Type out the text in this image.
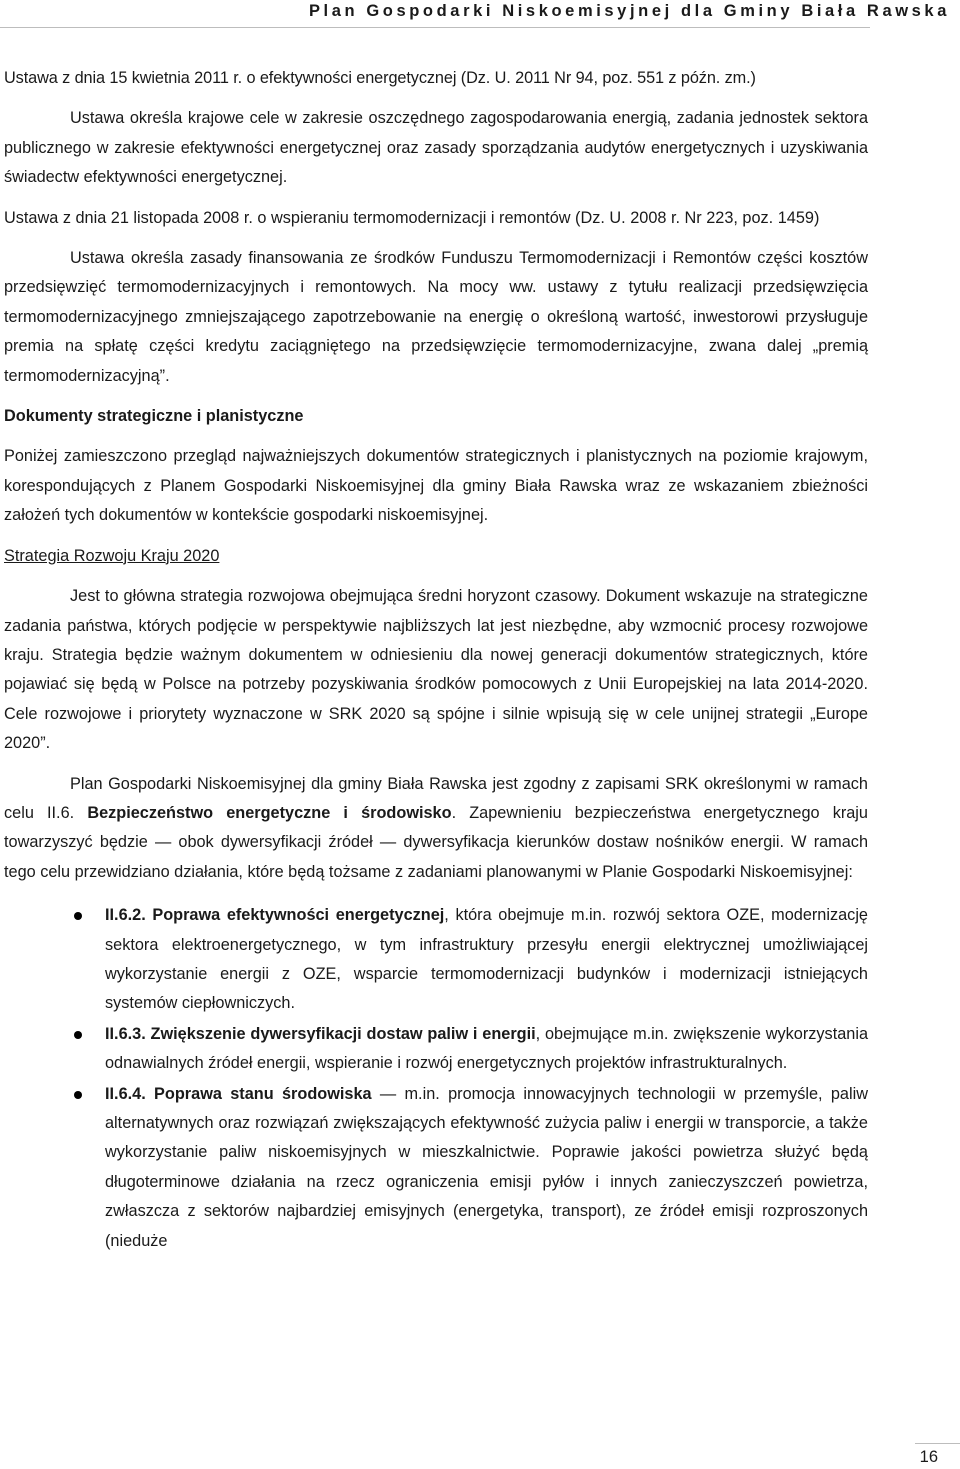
Plan Gospodarki Niskoemisyjnej dla Gminy Biała Rawska

Ustawa z dnia 15 kwietnia 2011 r. o efektywności energetycznej (Dz. U. 2011 Nr 94, poz. 551 z późn. zm.)

Ustawa określa krajowe cele w zakresie oszczędnego zagospodarowania energią, zadania jednostek sektora publicznego w zakresie efektywności energetycznej oraz zasady sporządzania audytów energetycznych i uzyskiwania świadectw efektywności energetycznej.

Ustawa z dnia 21 listopada 2008 r. o wspieraniu termomodernizacji i remontów (Dz. U. 2008 r. Nr 223, poz. 1459)

Ustawa określa zasady finansowania ze środków Funduszu Termomodernizacji i Remontów części kosztów przedsięwzięć termomodernizacyjnych i remontowych. Na mocy ww. ustawy z tytułu realizacji przedsięwzięcia termomodernizacyjnego zmniejszającego zapotrzebowanie na energię o określoną wartość, inwestorowi przysługuje premia na spłatę części kredytu zaciągniętego na przedsięwzięcie termomodernizacyjne, zwana dalej „premią termomodernizacyjną”.

Dokumenty strategiczne i planistyczne

Poniżej zamieszczono przegląd najważniejszych dokumentów strategicznych i planistycznych na poziomie krajowym, korespondujących z Planem Gospodarki Niskoemisyjnej dla gminy Biała Rawska wraz ze wskazaniem zbieżności założeń tych dokumentów w kontekście gospodarki niskoemisyjnej.

Strategia Rozwoju Kraju 2020

Jest to główna strategia rozwojowa obejmująca średni horyzont czasowy. Dokument wskazuje na strategiczne zadania państwa, których podjęcie w perspektywie najbliższych lat jest niezbędne, aby wzmocnić procesy rozwojowe kraju. Strategia będzie ważnym dokumentem w odniesieniu dla nowej generacji dokumentów strategicznych, które pojawiać się będą w Polsce na potrzeby pozyskiwania środków pomocowych z Unii Europejskiej na lata 2014-2020. Cele rozwojowe i priorytety wyznaczone w SRK 2020 są spójne i silnie wpisują się w cele unijnej strategii „Europe 2020”.

Plan Gospodarki Niskoemisyjnej dla gminy Biała Rawska jest zgodny z zapisami SRK określonymi w ramach celu II.6. Bezpieczeństwo energetyczne i środowisko. Zapewnieniu bezpieczeństwa energetycznego kraju towarzyszyć będzie — obok dywersyfikacji źródeł — dywersyfikacja kierunków dostaw nośników energii. W ramach tego celu przewidziano działania, które będą tożsame z zadaniami planowanymi w Planie Gospodarki Niskoemisyjnej:

II.6.2. Poprawa efektywności energetycznej, która obejmuje m.in. rozwój sektora OZE, modernizację sektora elektroenergetycznego, w tym infrastruktury przesyłu energii elektrycznej umożliwiającej wykorzystanie energii z OZE, wsparcie termomodernizacji budynków i modernizacji istniejących systemów ciepłowniczych.
II.6.3. Zwiększenie dywersyfikacji dostaw paliw i energii, obejmujące m.in. zwiększenie wykorzystania odnawialnych źródeł energii, wspieranie i rozwój energetycznych projektów infrastrukturalnych.
II.6.4. Poprawa stanu środowiska — m.in. promocja innowacyjnych technologii w przemyśle, paliw alternatywnych oraz rozwiązań zwiększających efektywność zużycia paliw i energii w transporcie, a także wykorzystanie paliw niskoemisyjnych w mieszkalnictwie. Poprawie jakości powietrza służyć będą długoterminowe działania na rzecz ograniczenia emisji pyłów i innych zanieczyszczeń powietrza, zwłaszcza z sektorów najbardziej emisyjnych (energetyka, transport), ze źródeł emisji rozproszonych (nieduże
16
